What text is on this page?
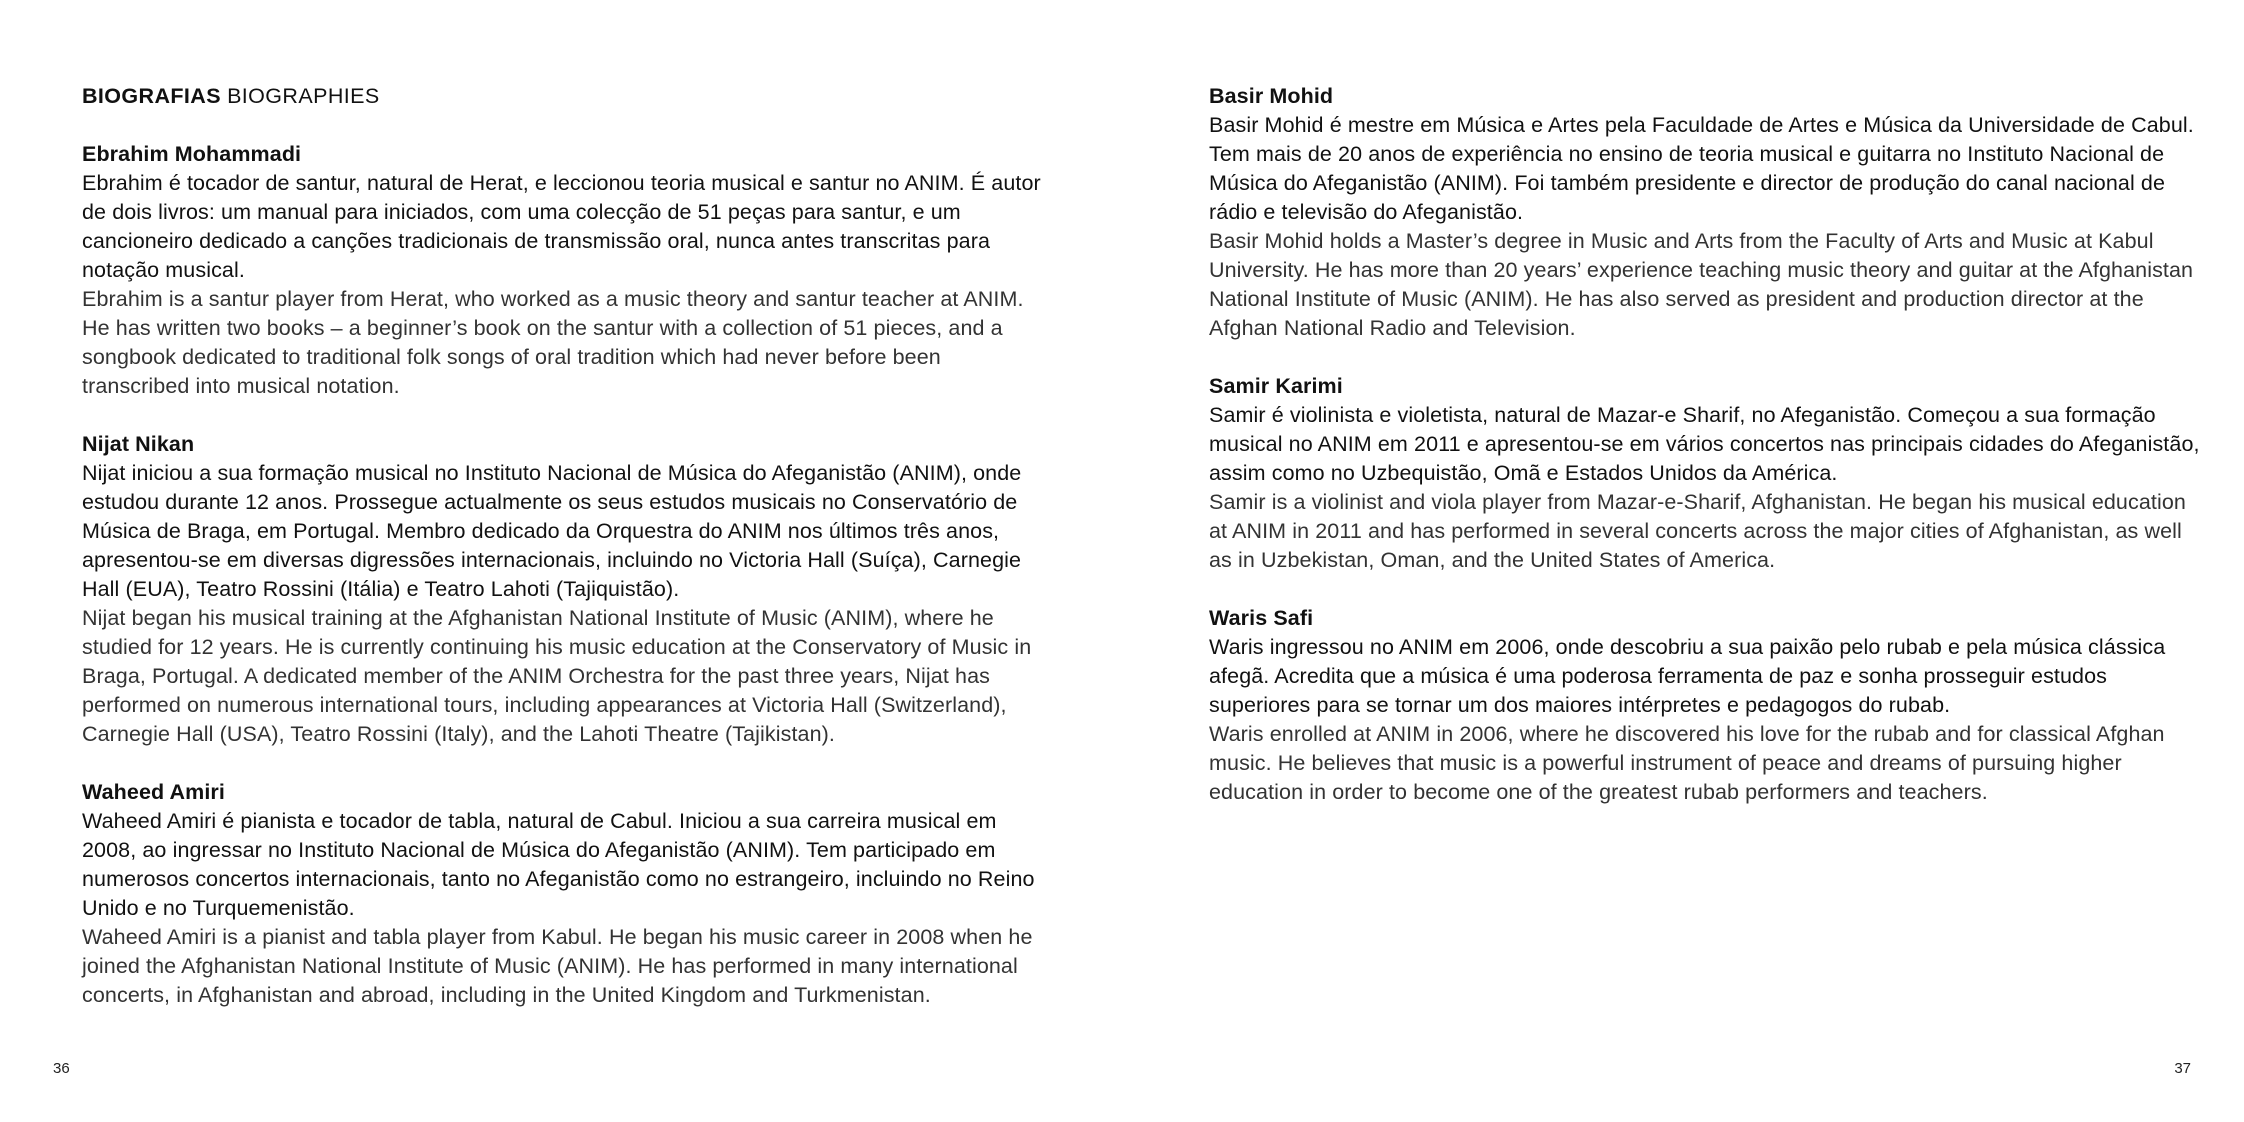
BIOGRAFIAS BIOGRAPHIES
Ebrahim Mohammadi

Ebrahim é tocador de santur, natural de Herat, e leccionou teoria musical e santur no ANIM. É autor de dois livros: um manual para iniciados, com uma colecção de 51 peças para santur, e um cancioneiro dedicado a canções tradicionais de transmissão oral, nunca antes transcritas para notação musical.

Ebrahim is a santur player from Herat, who worked as a music theory and santur teacher at ANIM. He has written two books – a beginner’s book on the santur with a collection of 51 pieces, and a songbook dedicated to traditional folk songs of oral tradition which had never before been transcribed into musical notation.

Nijat Nikan

Nijat iniciou a sua formação musical no Instituto Nacional de Música do Afeganistão (ANIM), onde estudou durante 12 anos. Prossegue actualmente os seus estudos musicais no Conservatório de Música de Braga, em Portugal. Membro dedicado da Orquestra do ANIM nos últimos três anos, apresentou-se em diversas digressões internacionais, incluindo no Victoria Hall (Suíça), Carnegie Hall (EUA), Teatro Rossini (Itália) e Teatro Lahoti (Tajiquistão).

Nijat began his musical training at the Afghanistan National Institute of Music (ANIM), where he studied for 12 years. He is currently continuing his music education at the Conservatory of Music in Braga, Portugal. A dedicated member of the ANIM Orchestra for the past three years, Nijat has performed on numerous international tours, including appearances at Victoria Hall (Switzerland), Carnegie Hall (USA), Teatro Rossini (Italy), and the Lahoti Theatre (Tajikistan).

Waheed Amiri

Waheed Amiri é pianista e tocador de tabla, natural de Cabul. Iniciou a sua carreira musical em 2008, ao ingressar no Instituto Nacional de Música do Afeganistão (ANIM). Tem participado em numerosos concertos internacionais, tanto no Afeganistão como no estrangeiro, incluindo no Reino Unido e no Turquemenistão.

Waheed Amiri is a pianist and tabla player from Kabul. He began his music career in 2008 when he joined the Afghanistan National Institute of Music (ANIM). He has performed in many international concerts, in Afghanistan and abroad, including in the United Kingdom and Turkmenistan.

36
Basir Mohid

Basir Mohid é mestre em Música e Artes pela Faculdade de Artes e Música da Universidade de Cabul. Tem mais de 20 anos de experiência no ensino de teoria musical e guitarra no Instituto Nacional de Música do Afeganistão (ANIM). Foi também presidente e director de produção do canal nacional de rádio e televisão do Afeganistão.

Basir Mohid holds a Master’s degree in Music and Arts from the Faculty of Arts and Music at Kabul University. He has more than 20 years’ experience teaching music theory and guitar at the Afghanistan National Institute of Music (ANIM). He has also served as president and production director at the Afghan National Radio and Television.

Samir Karimi

Samir é violinista e violetista, natural de Mazar-e Sharif, no Afeganistão. Começou a sua formação musical no ANIM em 2011 e apresentou-se em vários concertos nas principais cidades do Afeganistão, assim como no Uzbequistão, Omã e Estados Unidos da América.

Samir is a violinist and viola player from Mazar-e-Sharif, Afghanistan. He began his musical education at ANIM in 2011 and has performed in several concerts across the major cities of Afghanistan, as well as in Uzbekistan, Oman, and the United States of America.

Waris Safi

Waris ingressou no ANIM em 2006, onde descobriu a sua paixão pelo rubab e pela música clássica afegã. Acredita que a música é uma poderosa ferramenta de paz e sonha prosseguir estudos superiores para se tornar um dos maiores intérpretes e pedagogos do rubab.

Waris enrolled at ANIM in 2006, where he discovered his love for the rubab and for classical Afghan music. He believes that music is a powerful instrument of peace and dreams of pursuing higher education in order to become one of the greatest rubab performers and teachers.

37
